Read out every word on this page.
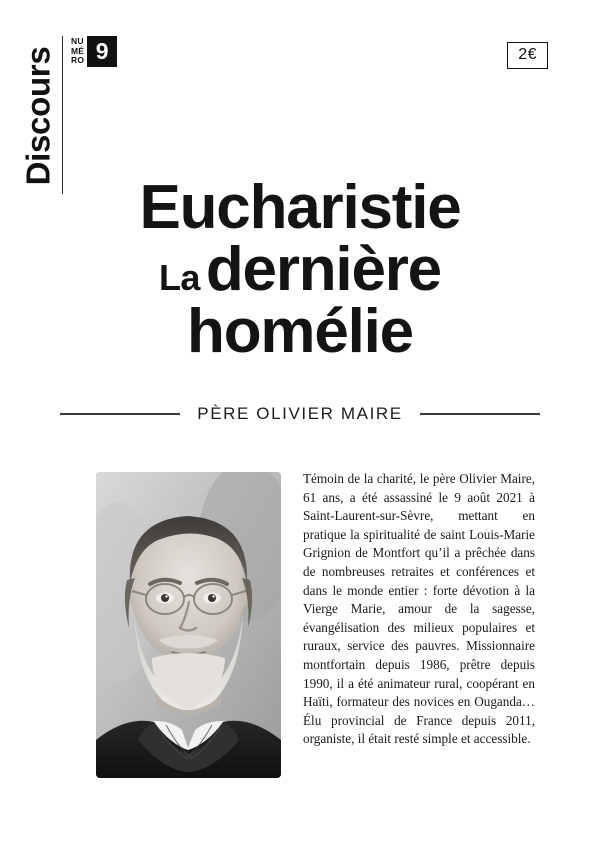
Discours
NU
MÉ
RO 9	2€
Eucharistie
Ladernière
homélie
PÈRE OLIVIER MAIRE

Témoin de la charité, le père Olivier Maire, 61 ans, a été assassiné le 9 août 2021 à Saint-Laurent-sur-Sèvre, mettant en pratique la spiritualité de saint Louis-Marie Grignion de Montfort qu’il a prêchée dans de nombreuses retraites et conférences et dans le monde entier : forte dévotion à la Vierge Marie, amour de la sagesse, évangélisation des milieux populaires et ruraux, service des pauvres. Missionnaire montfortain depuis 1986, prêtre depuis 1990, il a été animateur rural, coopérant en Haïti, formateur des novices en Ouganda… Élu provincial de France depuis 2011, organiste, il était resté simple et accessible.
